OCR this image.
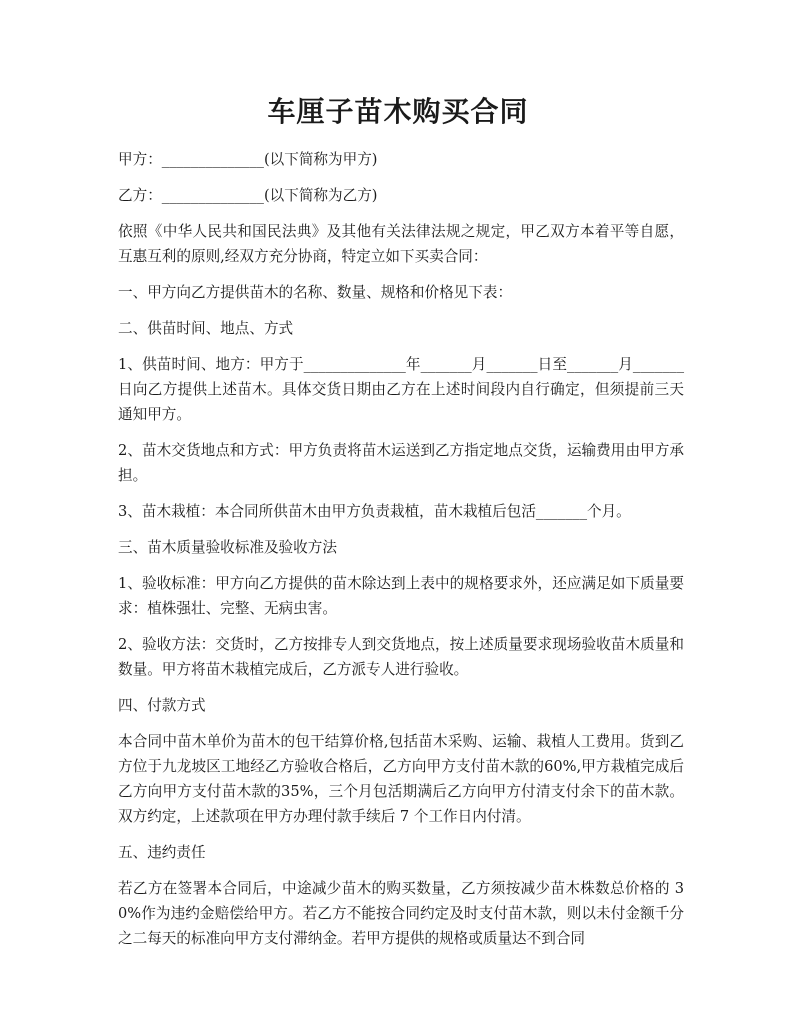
车厘子苗木购买合同

甲方：______________(以下简称为甲方)

乙方：______________(以下简称为乙方)

依照《中华人民共和国民法典》及其他有关法律法规之规定，甲乙双方本着平等自愿，互惠互利的原则,经双方充分协商，特定立如下买卖合同：

一、甲方向乙方提供苗木的名称、数量、规格和价格见下表：

二、供苗时间、地点、方式

1、供苗时间、地方：甲方于______________年_______月_______日至_______月_______日向乙方提供上述苗木。具体交货日期由乙方在上述时间段内自行确定，但须提前三天通知甲方。

2、苗木交货地点和方式：甲方负责将苗木运送到乙方指定地点交货，运输费用由甲方承担。

3、苗木栽植：本合同所供苗木由甲方负责栽植，苗木栽植后包活_______个月。

三、苗木质量验收标准及验收方法

1、验收标准：甲方向乙方提供的苗木除达到上表中的规格要求外，还应满足如下质量要求：植株强壮、完整、无病虫害。

2、验收方法：交货时，乙方按排专人到交货地点，按上述质量要求现场验收苗木质量和数量。甲方将苗木栽植完成后，乙方派专人进行验收。

四、付款方式

本合同中苗木单价为苗木的包干结算价格,包括苗木采购、运输、栽植人工费用。货到乙方位于九龙坡区工地经乙方验收合格后，乙方向甲方支付苗木款的60%,甲方栽植完成后乙方向甲方支付苗木款的35%，三个月包活期满后乙方向甲方付清支付余下的苗木款。双方约定，上述款项在甲方办理付款手续后 7 个工作日内付清。

五、违约责任

若乙方在签署本合同后，中途减少苗木的购买数量，乙方须按减少苗木株数总价格的 30%作为违约金赔偿给甲方。若乙方不能按合同约定及时支付苗木款，则以未付金额千分之二每天的标准向甲方支付滞纳金。若甲方提供的规格或质量达不到合同
